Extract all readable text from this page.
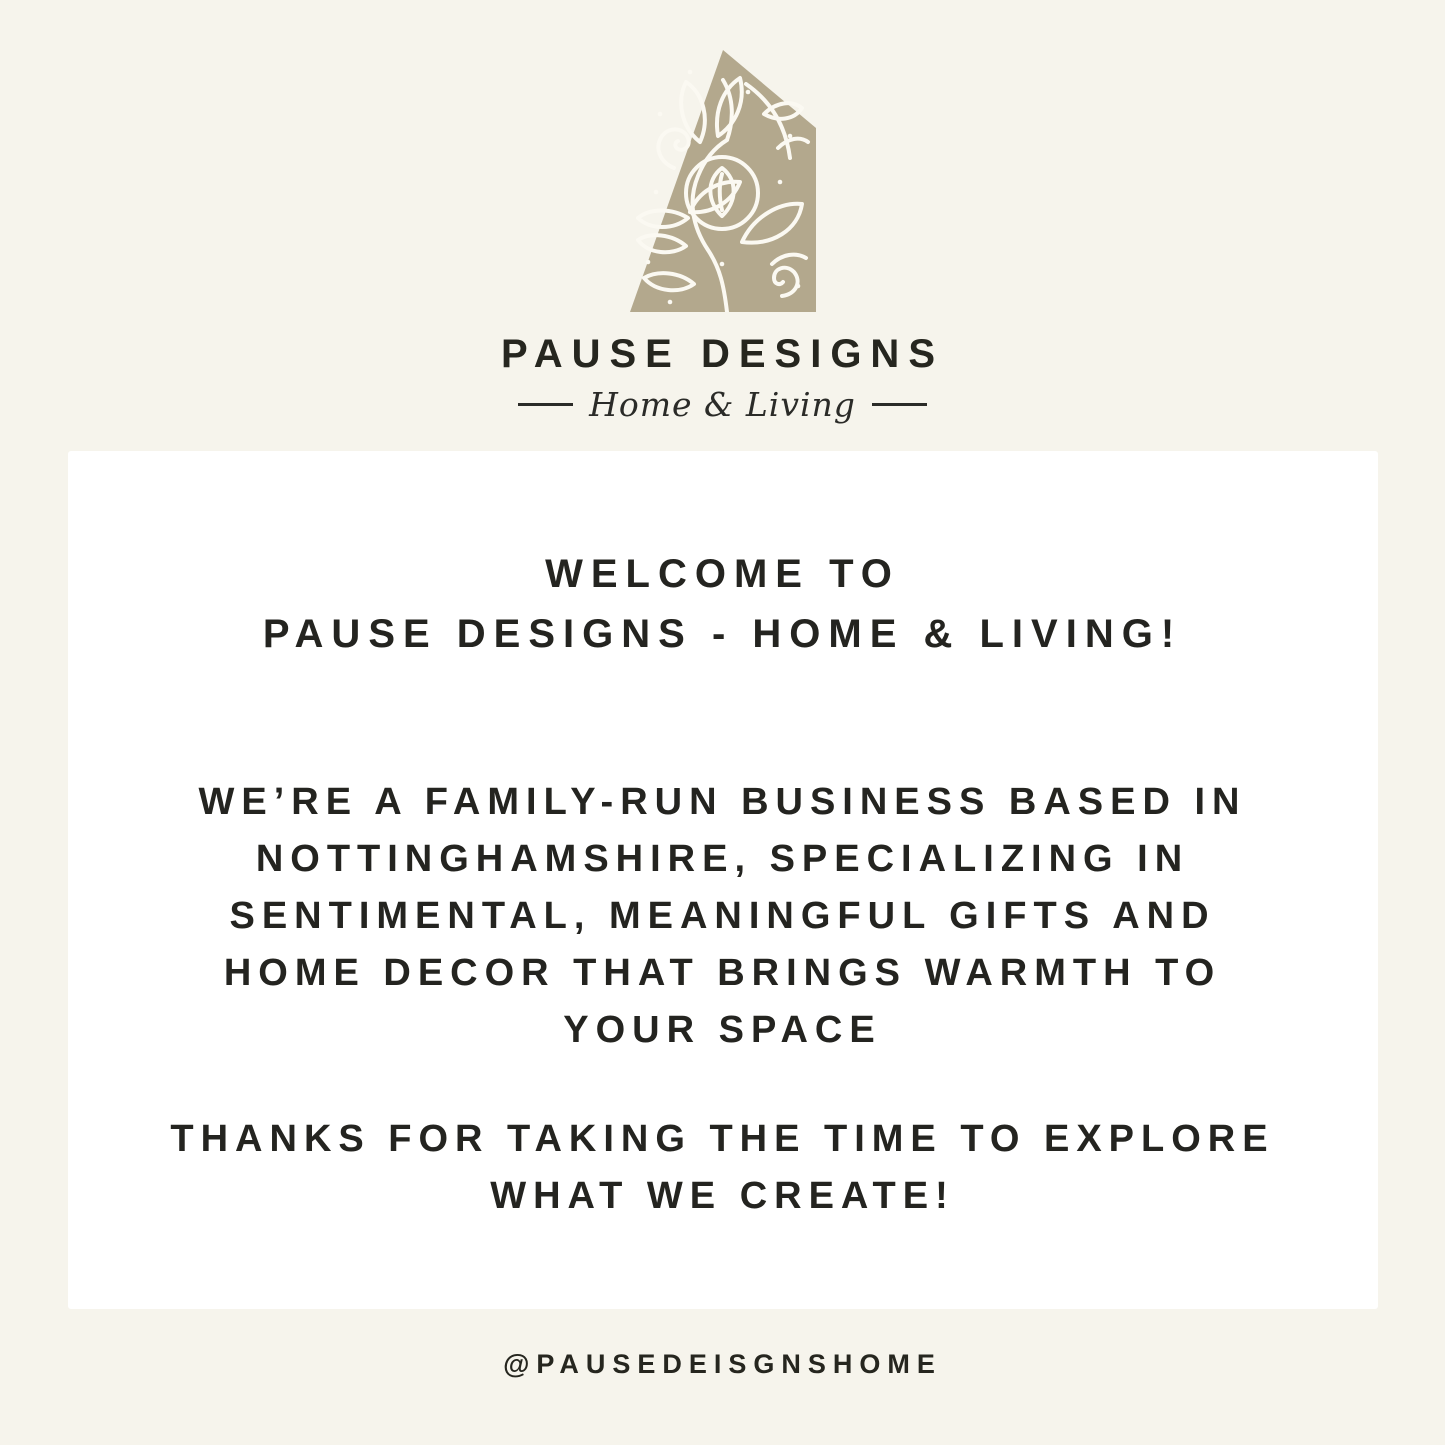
PAUSE DESIGNS
Home & Living
WELCOME TO
PAUSE DESIGNS - HOME & LIVING!

WE’RE A FAMILY-RUN BUSINESS BASED IN
NOTTINGHAMSHIRE, SPECIALIZING IN
SENTIMENTAL, MEANINGFUL GIFTS AND
HOME DECOR THAT BRINGS WARMTH TO
YOUR SPACE

THANKS FOR TAKING THE TIME TO EXPLORE
WHAT WE CREATE!

@PAUSEDEISGNSHOME
